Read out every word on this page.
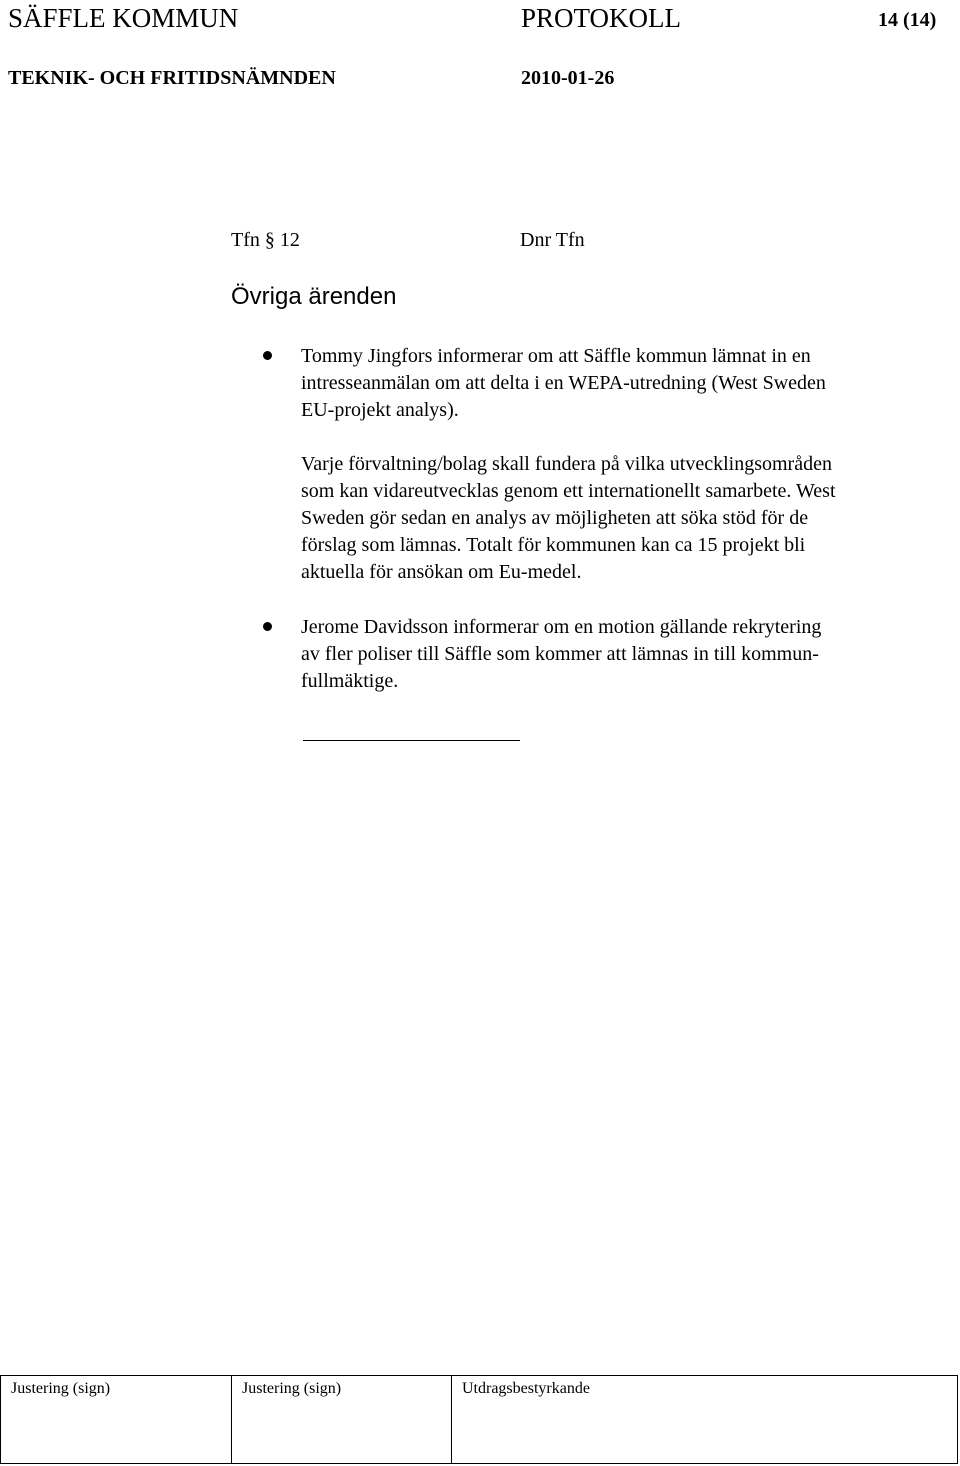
SÄFFLE KOMMUN	PROTOKOLL	14 (14)
TEKNIK- OCH FRITIDSNÄMNDEN	2010-01-26
Tfn § 12	Dnr Tfn
Övriga ärenden
Tommy Jingfors informerar om att Säffle kommun lämnat in en
intresseanmälan om att delta i en WEPA-utredning (West Sweden
EU-projekt analys).
Varje förvaltning/bolag skall fundera på vilka utvecklingsområden
som kan vidareutvecklas genom ett internationellt samarbete. West
Sweden gör sedan en analys av möjligheten att söka stöd för de
förslag som lämnas. Totalt för kommunen kan ca 15 projekt bli
aktuella för ansökan om Eu-medel.
Jerome Davidsson informerar om en motion gällande rekrytering
av fler poliser till Säffle som kommer att lämnas in till kommun-
fullmäktige.
Justering (sign)	Justering (sign)	Utdragsbestyrkande
